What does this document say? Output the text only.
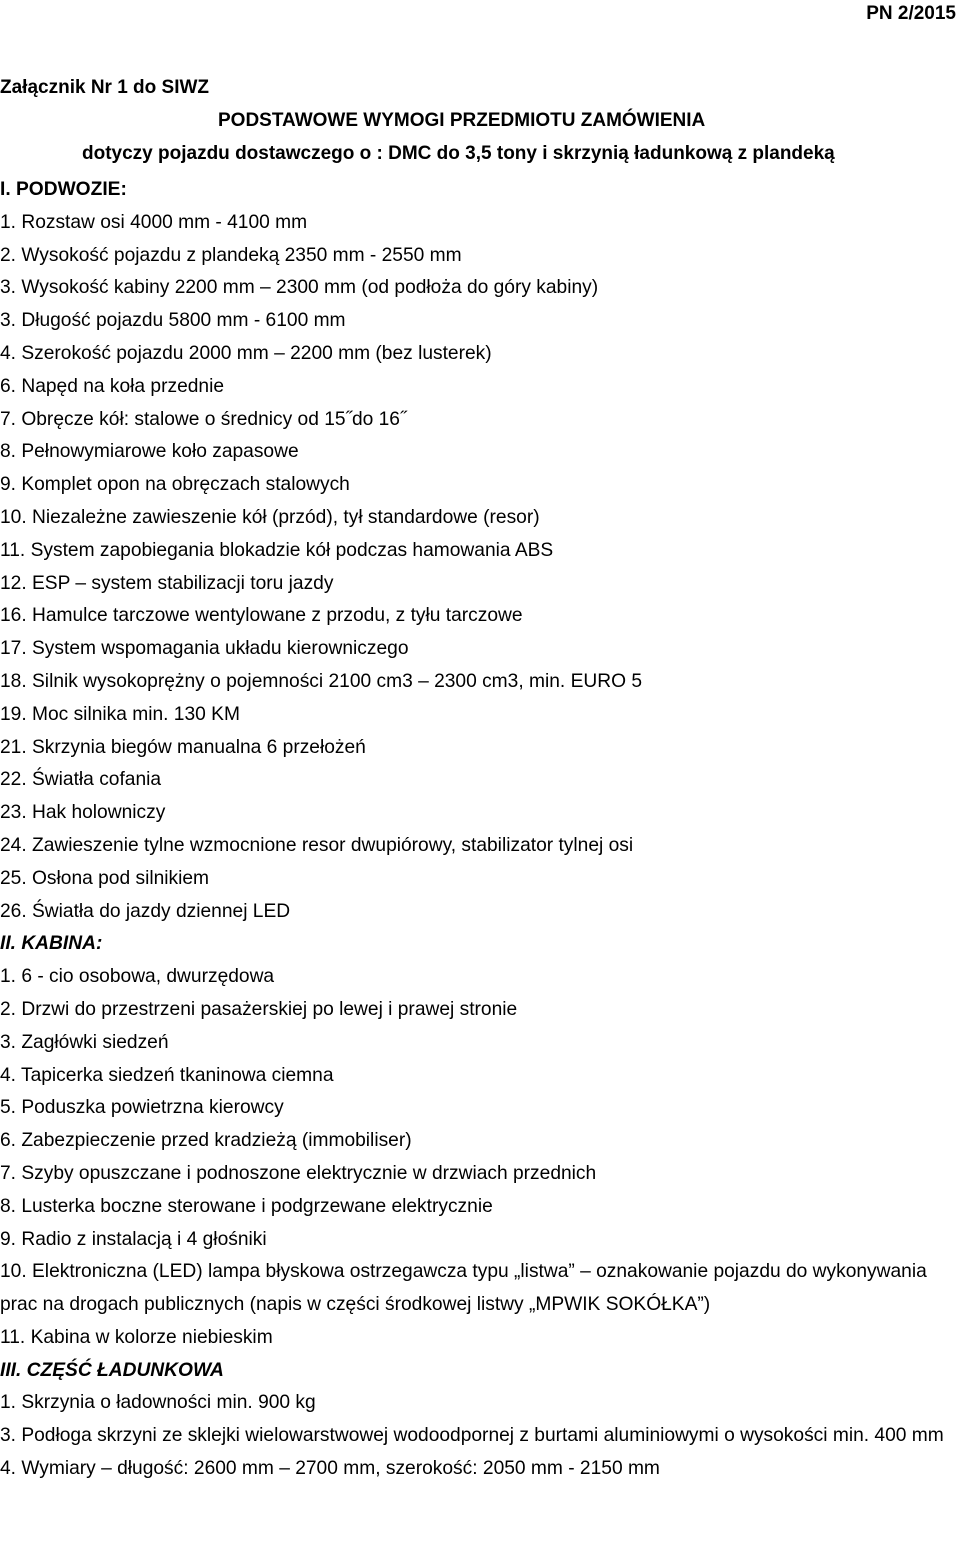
PN 2/2015
Załącznik Nr 1 do SIWZ
PODSTAWOWE WYMOGI PRZEDMIOTU ZAMÓWIENIA
dotyczy pojazdu dostawczego o : DMC do 3,5 tony i skrzynią ładunkową z plandeką
I. PODWOZIE:
1. Rozstaw osi 4000 mm - 4100 mm
2. Wysokość pojazdu z plandeką 2350 mm - 2550 mm
3. Wysokość kabiny 2200 mm – 2300 mm (od podłoża do góry kabiny)
3. Długość pojazdu 5800 mm - 6100 mm
4. Szerokość pojazdu 2000 mm – 2200 mm (bez lusterek)
6. Napęd na koła przednie
7. Obręcze kół: stalowe o średnicy od 15˝do 16˝
8. Pełnowymiarowe koło zapasowe
9. Komplet opon na obręczach stalowych
10. Niezależne zawieszenie kół (przód), tył standardowe (resor)
11. System zapobiegania blokadzie kół podczas hamowania ABS
12. ESP – system stabilizacji toru jazdy
16. Hamulce tarczowe wentylowane z przodu, z tyłu tarczowe
17. System wspomagania układu kierowniczego
18. Silnik wysokoprężny o pojemności 2100 cm3 – 2300 cm3, min. EURO 5
19. Moc silnika min. 130 KM
21. Skrzynia biegów manualna 6 przełożeń
22. Światła cofania
23. Hak holowniczy
24. Zawieszenie tylne wzmocnione resor dwupiórowy, stabilizator tylnej osi
25. Osłona pod silnikiem
26. Światła do jazdy dziennej LED
II. KABINA:
1. 6 - cio osobowa, dwurzędowa
2. Drzwi do przestrzeni pasażerskiej po lewej i prawej stronie
3. Zagłówki siedzeń
4. Tapicerka siedzeń tkaninowa ciemna
5. Poduszka powietrzna kierowcy
6. Zabezpieczenie przed kradzieżą (immobiliser)
7. Szyby opuszczane i podnoszone elektrycznie w drzwiach przednich
8. Lusterka boczne sterowane i podgrzewane elektrycznie
9. Radio z instalacją i 4 głośniki
10. Elektroniczna (LED) lampa błyskowa ostrzegawcza typu „listwa” – oznakowanie pojazdu do wykonywania prac na drogach publicznych (napis w części środkowej listwy „MPWIK SOKÓŁKA”)
11. Kabina w kolorze niebieskim
III. CZĘŚĆ ŁADUNKOWA
1. Skrzynia o ładowności min. 900 kg
3. Podłoga skrzyni ze sklejki wielowarstwowej wodoodpornej z burtami aluminiowymi o wysokości min. 400 mm
4. Wymiary – długość: 2600 mm – 2700 mm, szerokość: 2050 mm - 2150 mm
